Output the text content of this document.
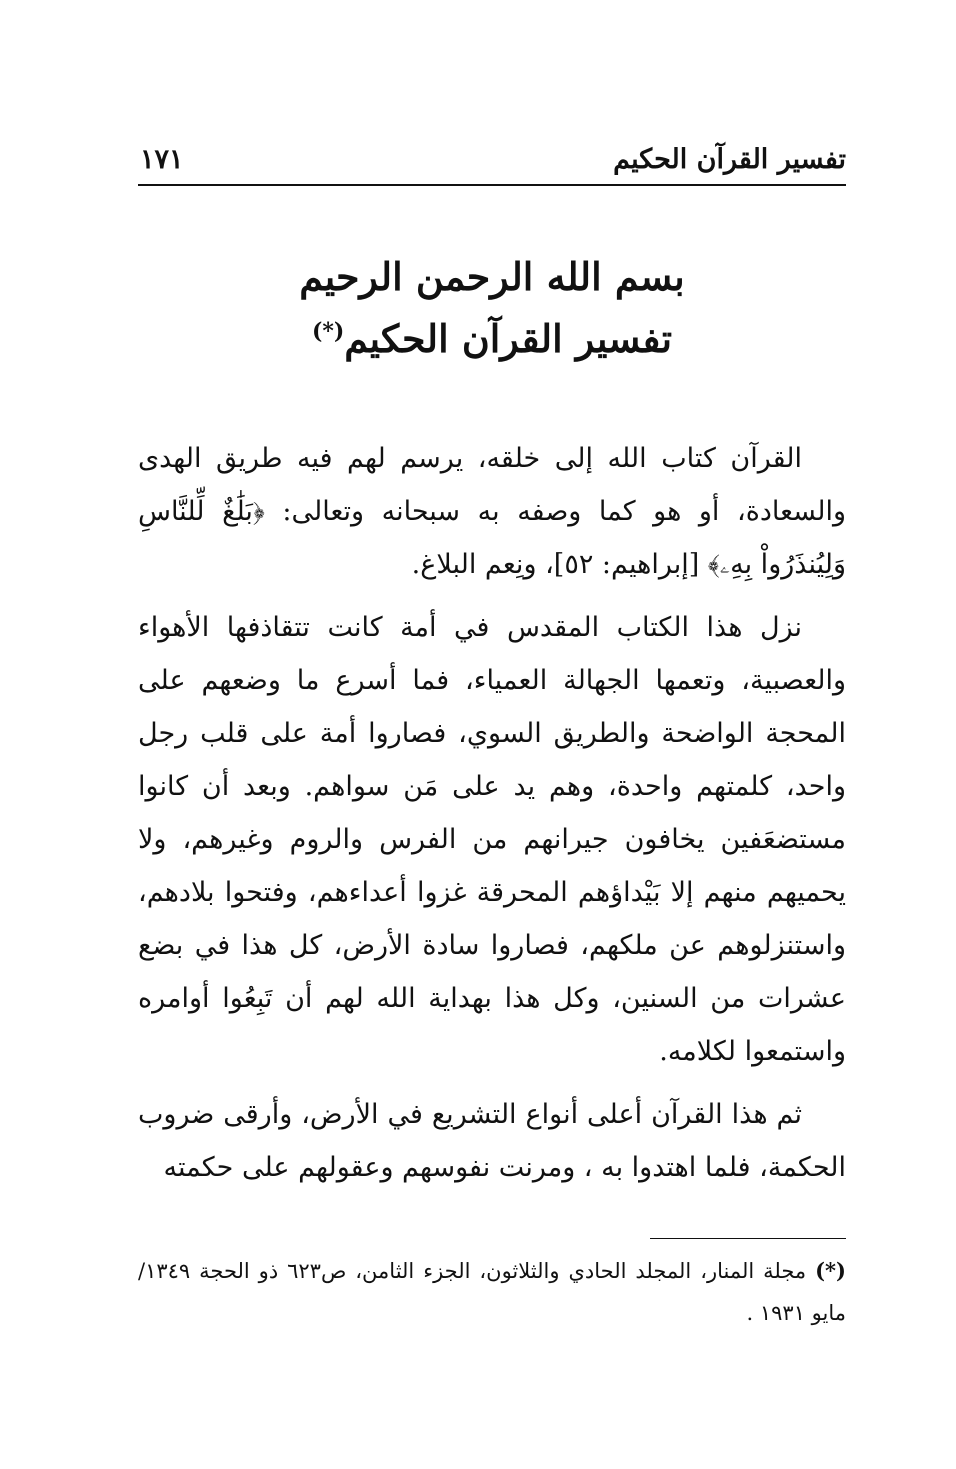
تفسير القرآن الحكيم
١٧١
بسم الله الرحمن الرحيم
تفسير القرآن الحكيم(*)

القرآن كتاب الله إلى خلقه، يرسم لهم فيه طريق الهدى والسعادة، أو هو كما وصفه به سبحانه وتعالى: ﴿بَلَٰغٌ لِّلنَّاسِ وَلِيُنذَرُواْ بِهِۦ﴾ [إبراهيم: ٥٢]، ونِعم البلاغ.

نزل هذا الكتاب المقدس في أمة كانت تتقاذفها الأهواء والعصبية، وتعمها الجهالة العمياء، فما أسرع ما وضعهم على المحجة الواضحة والطريق السوي، فصاروا أمة على قلب رجل واحد، كلمتهم واحدة، وهم يد على مَن سواهم. وبعد أن كانوا مستضعَفين يخافون جيرانهم من الفرس والروم وغيرهم، ولا يحميهم منهم إلا بَيْداؤهم المحرقة غزوا أعداءهم، وفتحوا بلادهم، واستنزلوهم عن ملكهم، فصاروا سادة الأرض، كل هذا في بضع عشرات من السنين، وكل هذا بهداية الله لهم أن تَبِعُوا أوامره واستمعوا لكلامه.

ثم هذا القرآن أعلى أنواع التشريع في الأرض، وأرقى ضروب الحكمة، فلما اهتدوا به ، ومرنت نفوسهم وعقولهم على حكمته

(*) مجلة المنار، المجلد الحادي والثلاثون، الجزء الثامن، ص٦٢٣ ذو الحجة ١٣٤٩/ مايو ١٩٣١ .
